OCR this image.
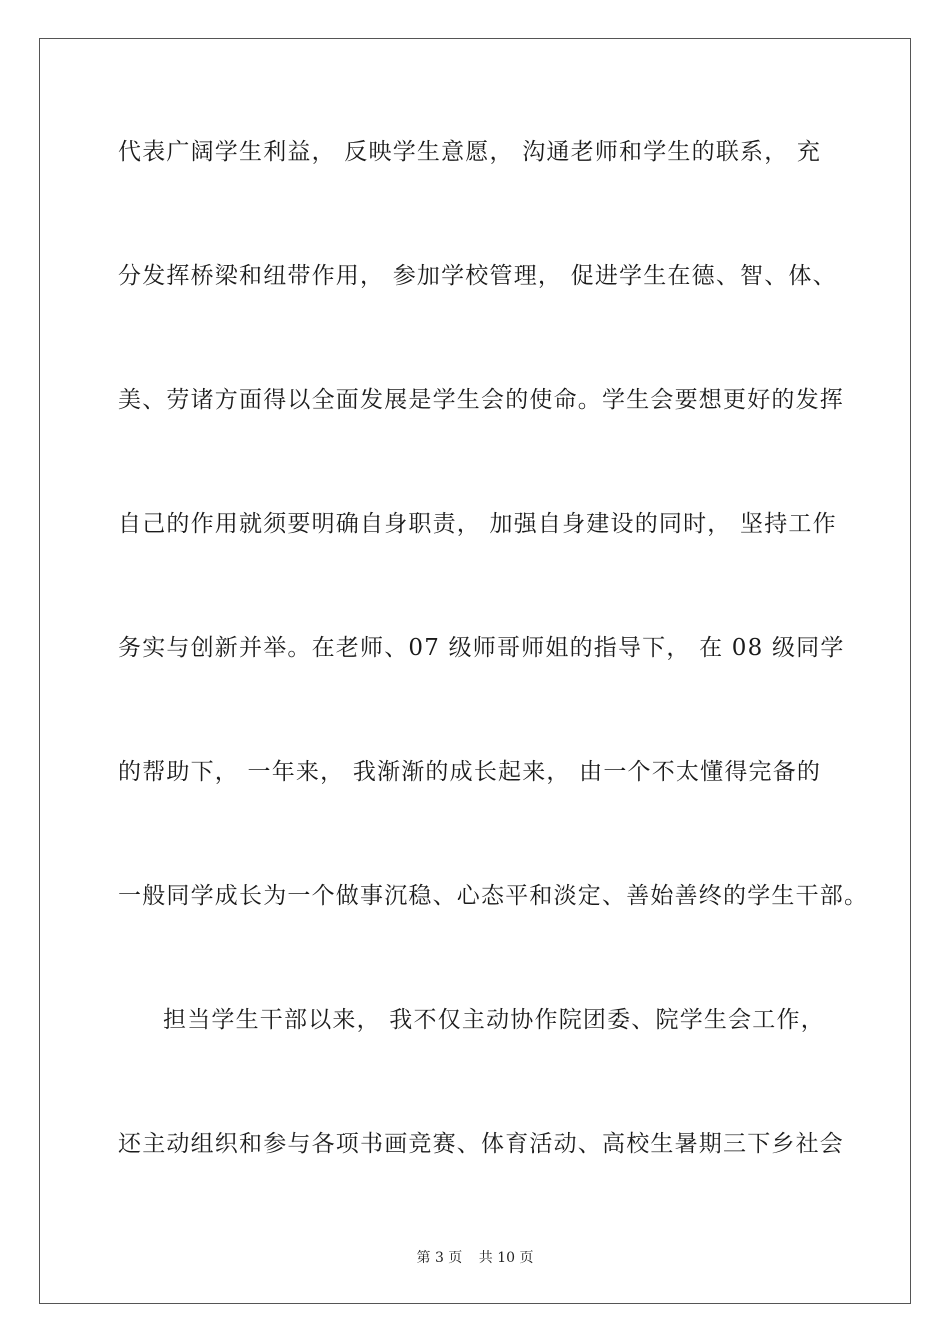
代表广阔学生利益， 反映学生意愿， 沟通老师和学生的联系， 充
分发挥桥梁和纽带作用， 参加学校管理， 促进学生在德、智、体、
美、劳诸方面得以全面发展是学生会的使命。学生会要想更好的发挥
自己的作用就须要明确自身职责， 加强自身建设的同时， 坚持工作
务实与创新并举。在老师、07 级师哥师姐的指导下， 在 08 级同学
的帮助下， 一年来， 我渐渐的成长起来， 由一个不太懂得完备的
一般同学成长为一个做事沉稳、心态平和淡定、善始善终的学生干部。
担当学生干部以来， 我不仅主动协作院团委、院学生会工作，
还主动组织和参与各项书画竞赛、体育活动、高校生暑期三下乡社会
第 3 页 共 10 页
